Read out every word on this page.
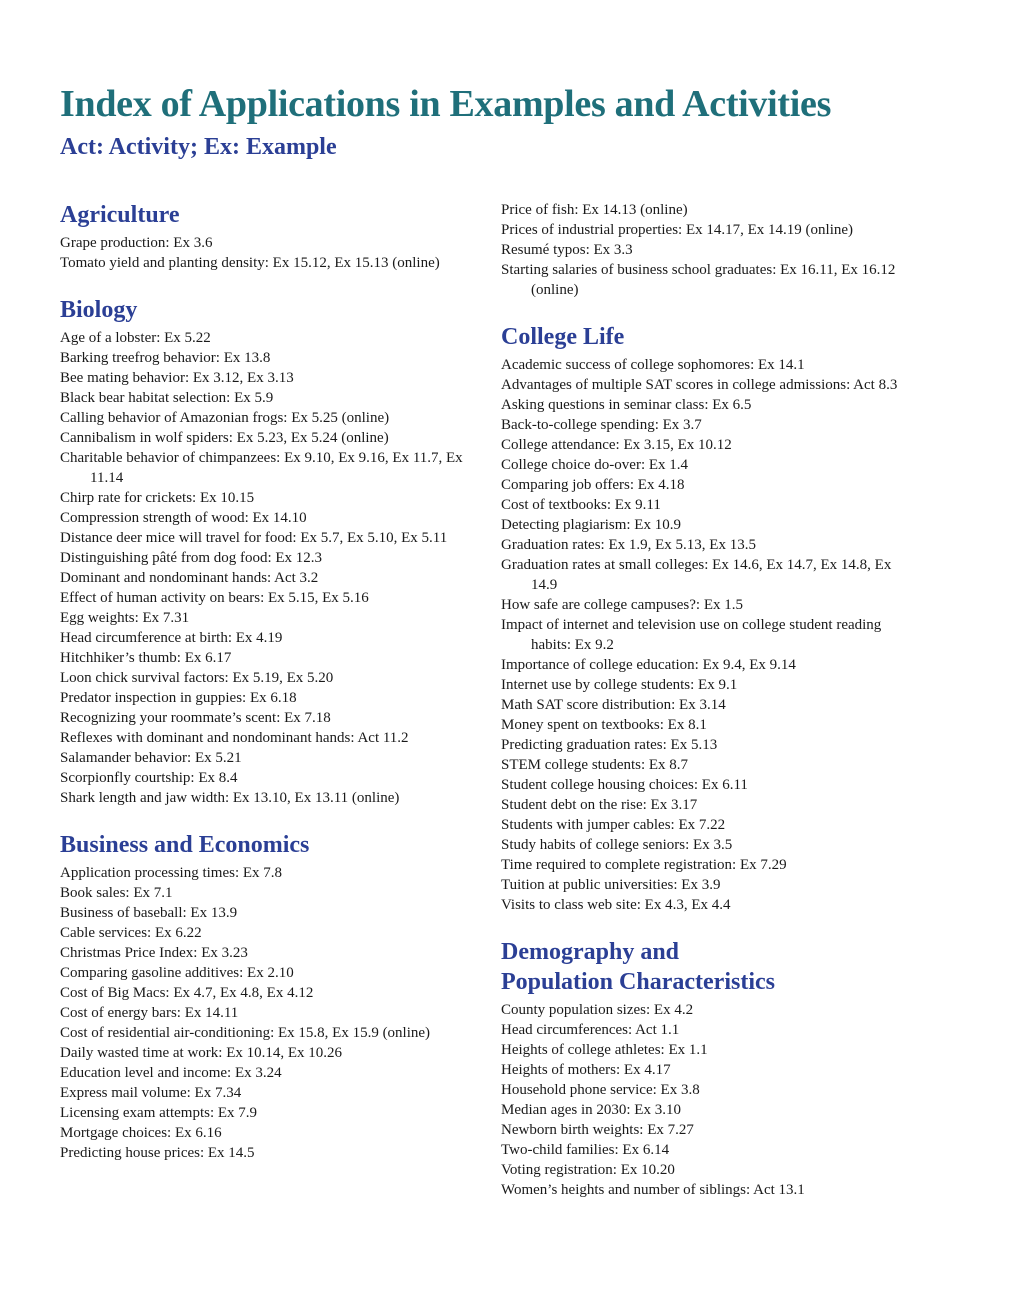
Index of Applications in Examples and Activities
Act: Activity; Ex: Example
Agriculture
Grape production: Ex 3.6
Tomato yield and planting density: Ex 15.12, Ex 15.13 (online)
Biology
Age of a lobster: Ex 5.22
Barking treefrog behavior: Ex 13.8
Bee mating behavior: Ex 3.12, Ex 3.13
Black bear habitat selection: Ex 5.9
Calling behavior of Amazonian frogs: Ex 5.25 (online)
Cannibalism in wolf spiders: Ex 5.23, Ex 5.24 (online)
Charitable behavior of chimpanzees: Ex 9.10, Ex 9.16, Ex 11.7, Ex 11.14
Chirp rate for crickets: Ex 10.15
Compression strength of wood: Ex 14.10
Distance deer mice will travel for food: Ex 5.7, Ex 5.10, Ex 5.11
Distinguishing pâté from dog food: Ex 12.3
Dominant and nondominant hands: Act 3.2
Effect of human activity on bears: Ex 5.15, Ex 5.16
Egg weights: Ex 7.31
Head circumference at birth: Ex 4.19
Hitchhiker’s thumb: Ex 6.17
Loon chick survival factors: Ex 5.19, Ex 5.20
Predator inspection in guppies: Ex 6.18
Recognizing your roommate’s scent: Ex 7.18
Reflexes with dominant and nondominant hands: Act 11.2
Salamander behavior: Ex 5.21
Scorpionfly courtship: Ex 8.4
Shark length and jaw width: Ex 13.10, Ex 13.11 (online)
Business and Economics
Application processing times: Ex 7.8
Book sales: Ex 7.1
Business of baseball: Ex 13.9
Cable services: Ex 6.22
Christmas Price Index: Ex 3.23
Comparing gasoline additives: Ex 2.10
Cost of Big Macs: Ex 4.7, Ex 4.8, Ex 4.12
Cost of energy bars: Ex 14.11
Cost of residential air-conditioning: Ex 15.8, Ex 15.9 (online)
Daily wasted time at work: Ex 10.14, Ex 10.26
Education level and income: Ex 3.24
Express mail volume: Ex 7.34
Licensing exam attempts: Ex 7.9
Mortgage choices: Ex 6.16
Predicting house prices: Ex 14.5
Price of fish: Ex 14.13 (online)
Prices of industrial properties: Ex 14.17, Ex 14.19 (online)
Resumé typos: Ex 3.3
Starting salaries of business school graduates: Ex 16.11, Ex 16.12 (online)
College Life
Academic success of college sophomores: Ex 14.1
Advantages of multiple SAT scores in college admissions: Act 8.3
Asking questions in seminar class: Ex 6.5
Back-to-college spending: Ex 3.7
College attendance: Ex 3.15, Ex 10.12
College choice do-over: Ex 1.4
Comparing job offers: Ex 4.18
Cost of textbooks: Ex 9.11
Detecting plagiarism: Ex 10.9
Graduation rates: Ex 1.9, Ex 5.13, Ex 13.5
Graduation rates at small colleges: Ex 14.6, Ex 14.7, Ex 14.8, Ex 14.9
How safe are college campuses?: Ex 1.5
Impact of internet and television use on college student reading habits: Ex 9.2
Importance of college education: Ex 9.4, Ex 9.14
Internet use by college students: Ex 9.1
Math SAT score distribution: Ex 3.14
Money spent on textbooks: Ex 8.1
Predicting graduation rates: Ex 5.13
STEM college students: Ex 8.7
Student college housing choices: Ex 6.11
Student debt on the rise: Ex 3.17
Students with jumper cables: Ex 7.22
Study habits of college seniors: Ex 3.5
Time required to complete registration: Ex 7.29
Tuition at public universities: Ex 3.9
Visits to class web site: Ex 4.3, Ex 4.4
Demography and
Population Characteristics
County population sizes: Ex 4.2
Head circumferences: Act 1.1
Heights of college athletes: Ex 1.1
Heights of mothers: Ex 4.17
Household phone service: Ex 3.8
Median ages in 2030: Ex 3.10
Newborn birth weights: Ex 7.27
Two-child families: Ex 6.14
Voting registration: Ex 10.20
Women’s heights and number of siblings: Act 13.1
